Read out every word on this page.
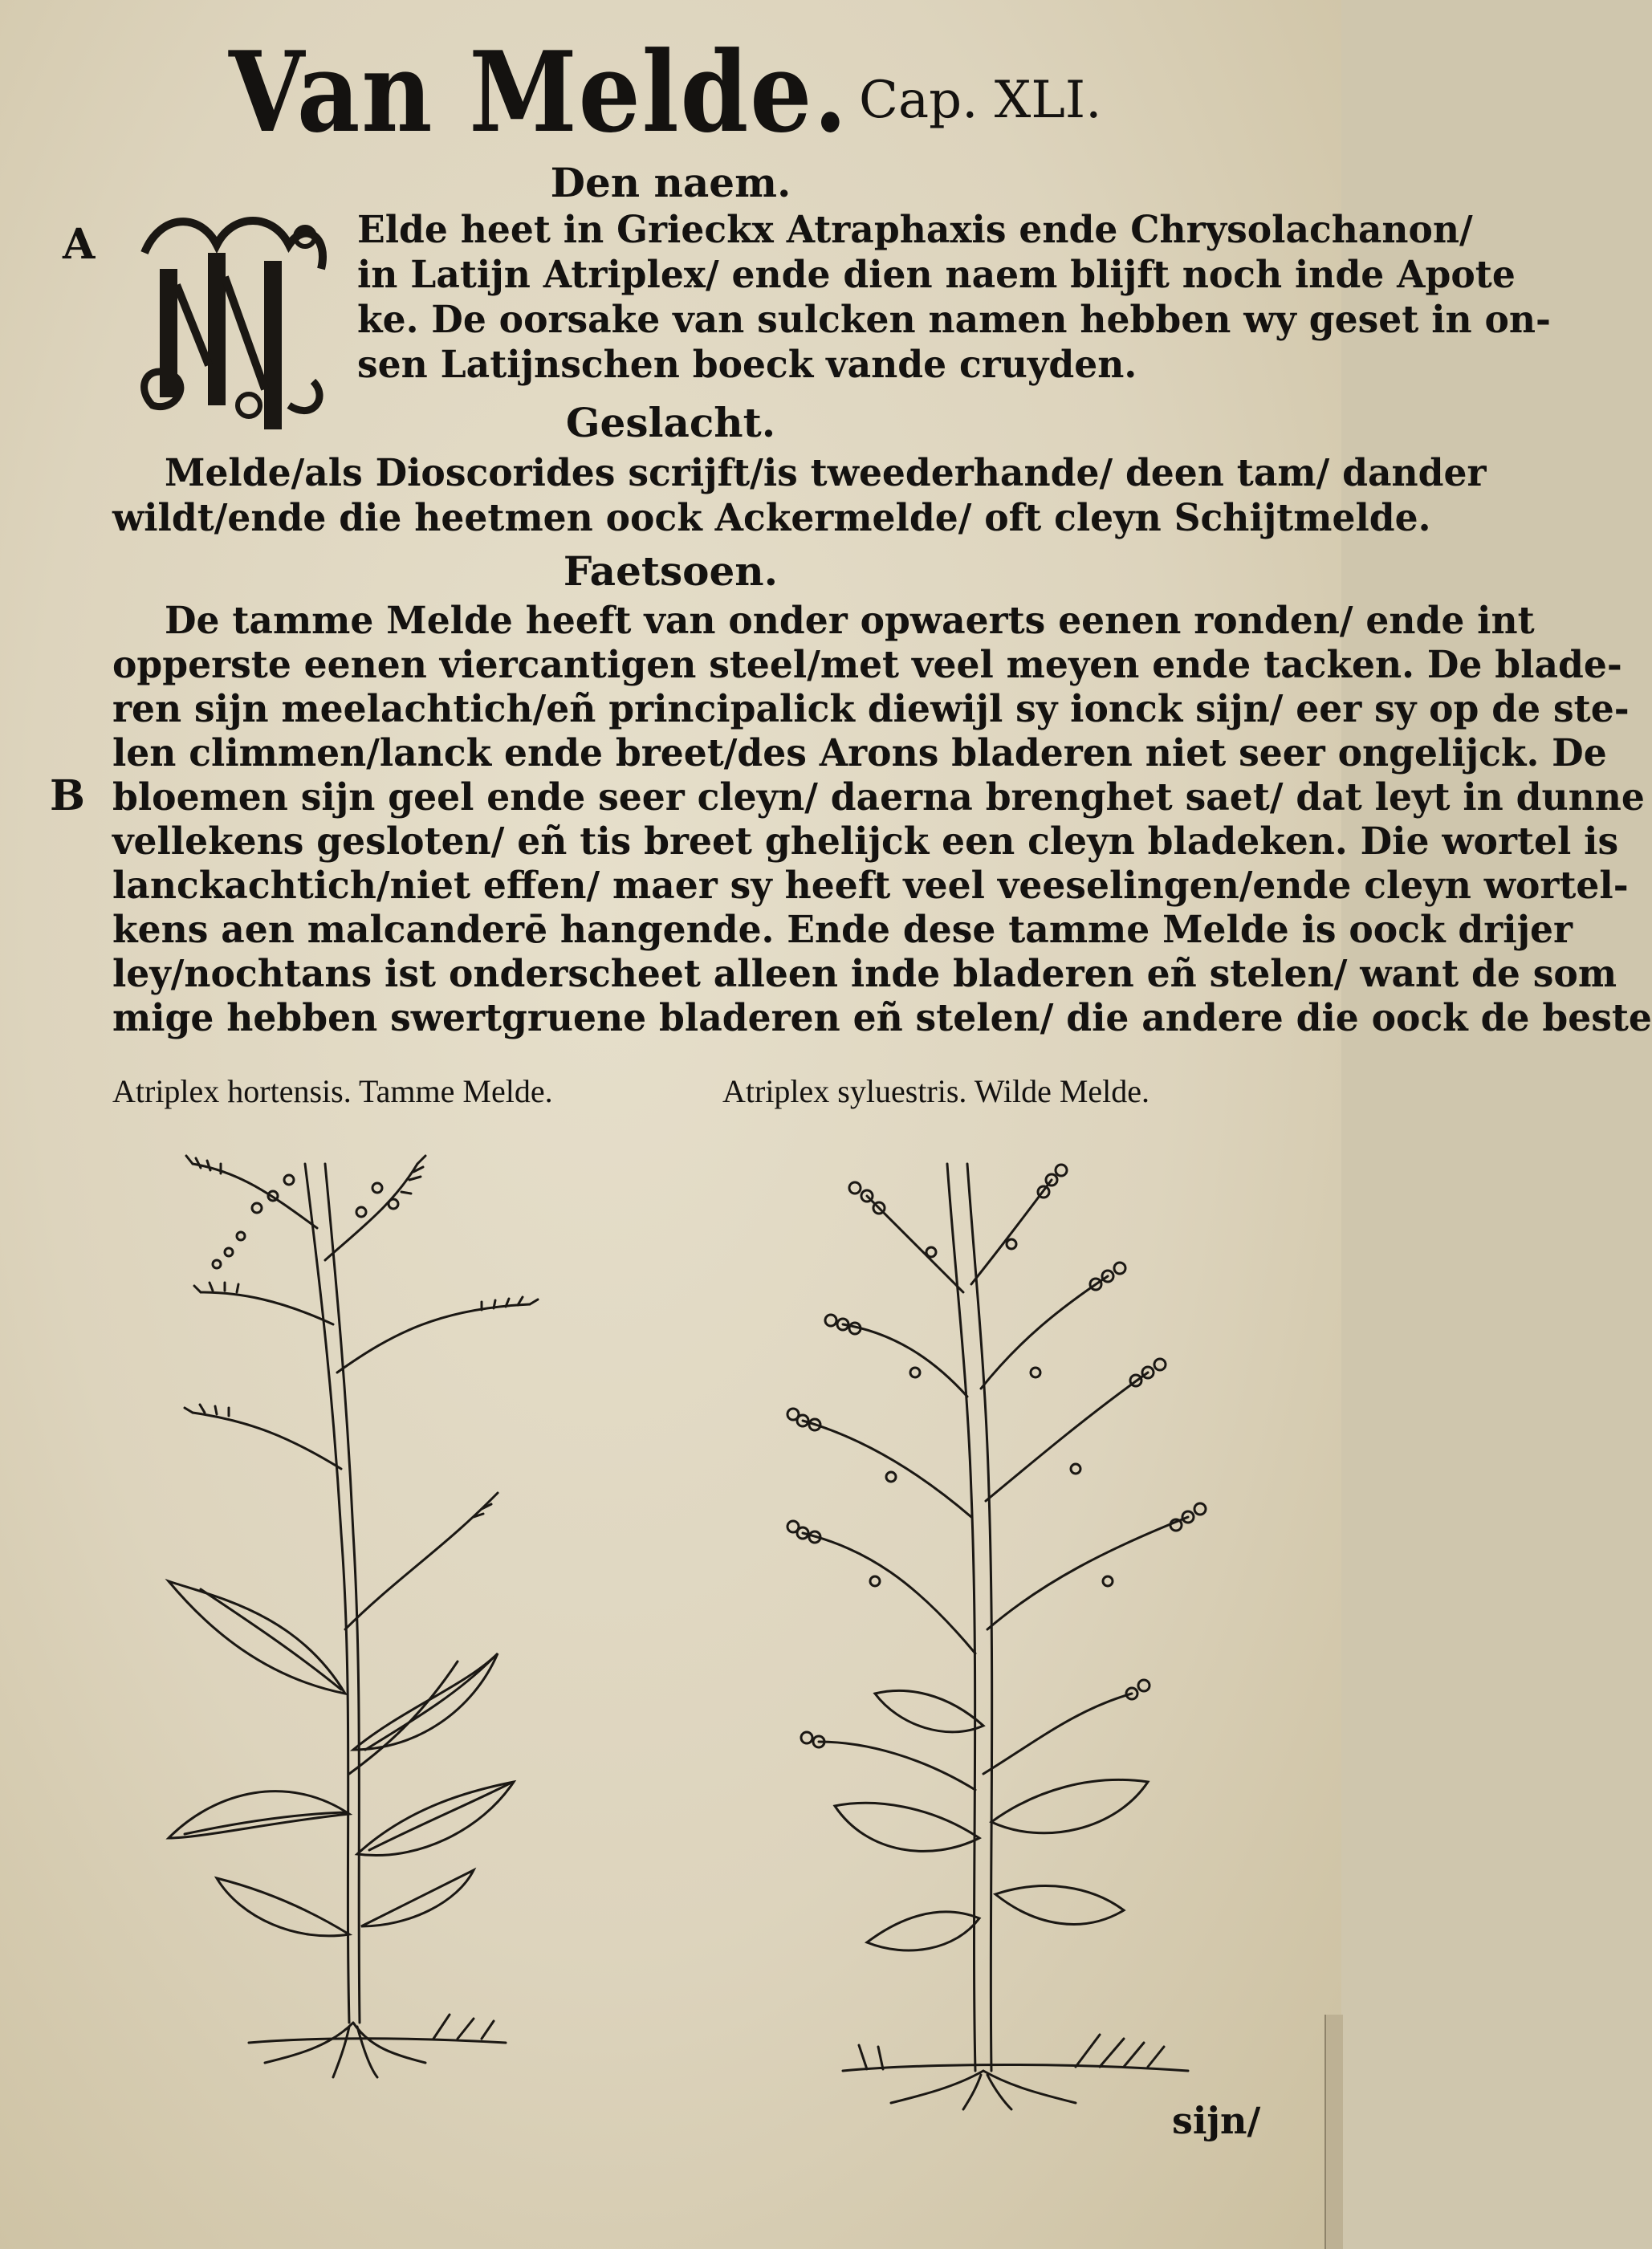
Van Melde. Cap. XLI.
Den naem.
A	Elde heet in Grieckx Atraphaxis ende Chrysolachanon/
in Latijn Atriplex/ ende dien naem blijft noch inde Apote
ke. De oorsake van sulcken namen hebben wy geset in on-
sen Latijnschen boeck vande cruyden.
Geslacht.
Melde/als Dioscorides scrijft/is tweederhande/ deen tam/ dander
wildt/ende die heetmen oock Ackermelde/ oft cleyn Schijtmelde.
Faetsoen.
De tamme Melde heeft van onder opwaerts eenen ronden/ ende int
opperste eenen viercantigen steel/met veel meyen ende tacken. De blade-
ren sijn meelachtich/eñ principalick diewijl sy ionck sijn/ eer sy op de ste-
len climmen/lanck ende breet/des Arons bladeren niet seer ongelijck. De
B bloemen sijn geel ende seer cleyn/ daerna brenghet saet/ dat leyt in dunne
vellekens gesloten/ eñ tis breet ghelijck een cleyn bladeken. Die wortel is
lanckachtich/niet effen/ maer sy heeft veel veeselingen/ende cleyn wortel-
kens aen malcanderē hangende. Ende dese tamme Melde is oock drijer
ley/nochtans ist onderscheet alleen inde bladeren eñ stelen/ want de som
mige hebben swertgruene bladeren eñ stelen/ die andere die oock de beste
Atriplex hortensis. Tamme Melde.	Atriplex syluestris. Wilde Melde.
sijn/
